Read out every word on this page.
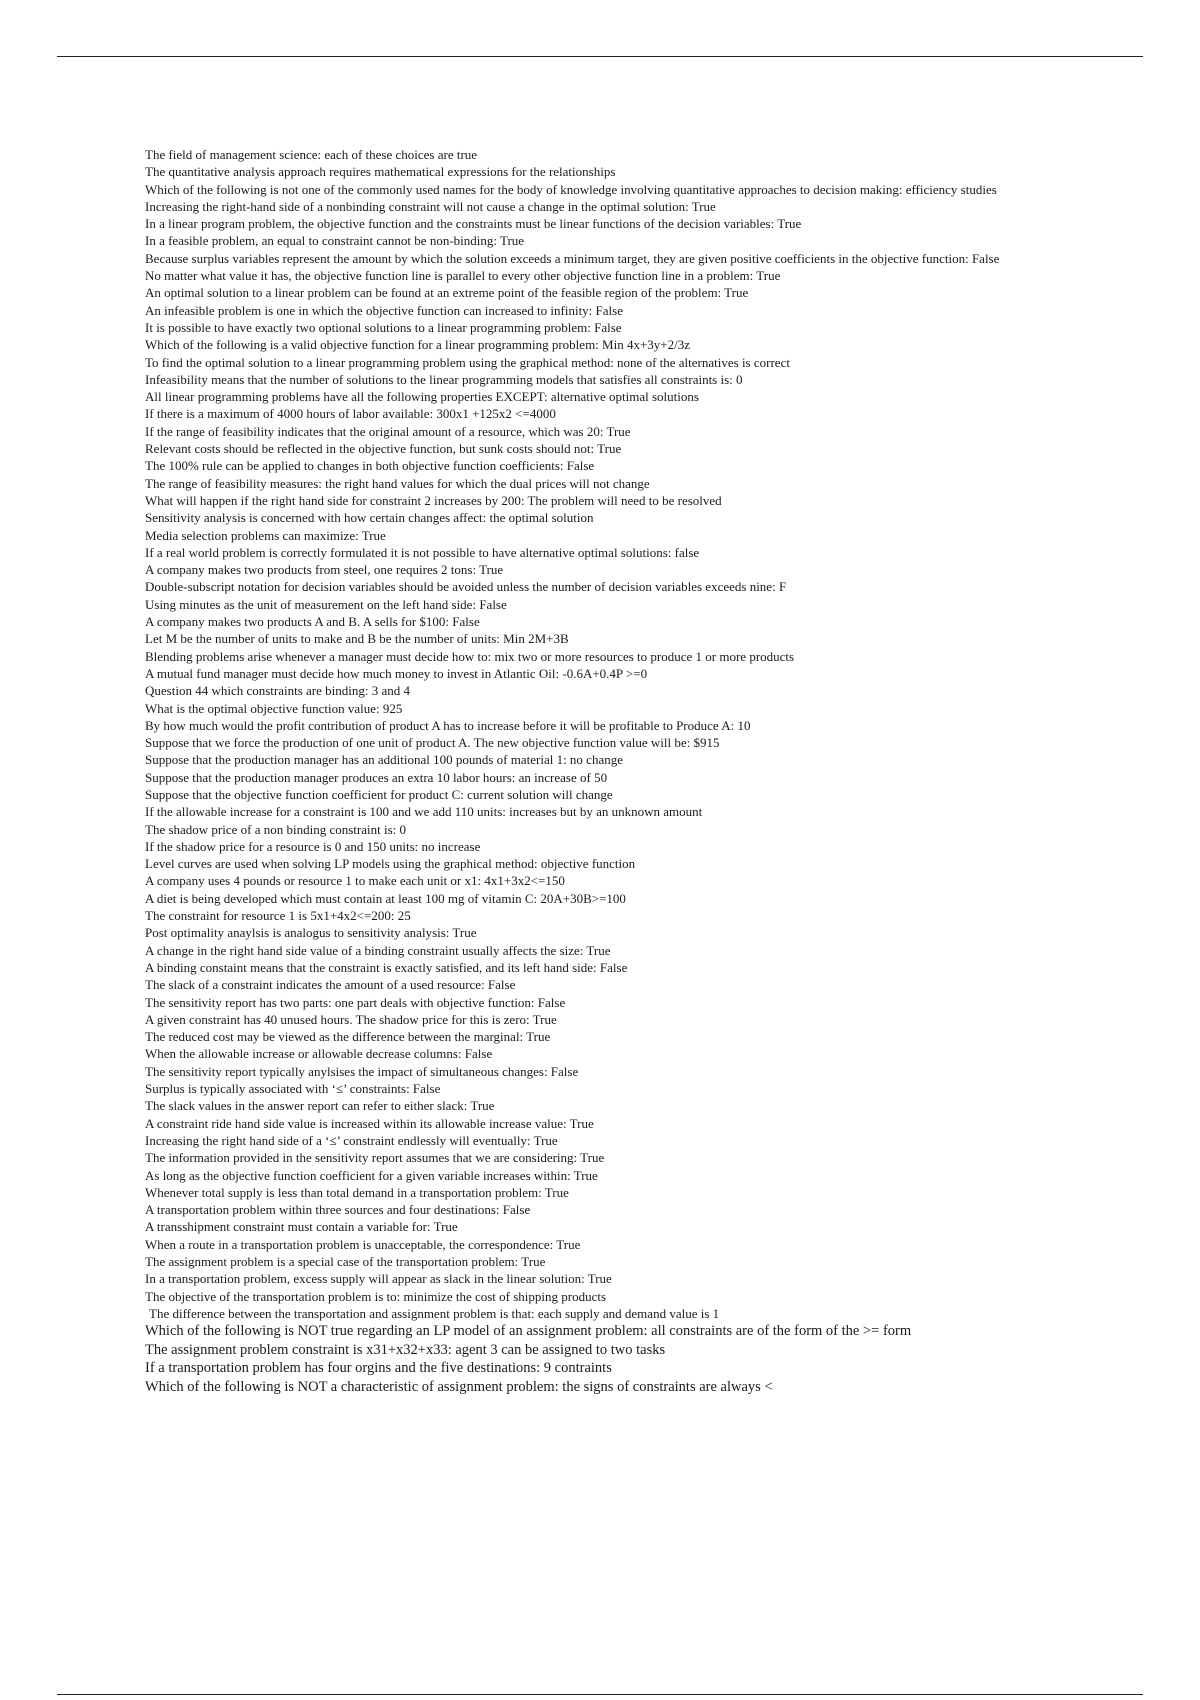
The field of management science: each of these choices are true
The quantitative analysis approach requires mathematical expressions for the relationships
Which of the following is not one of the commonly used names for the body of knowledge involving quantitative approaches to decision making: efficiency studies
Increasing the right-hand side of a nonbinding constraint will not cause a change in the optimal solution: True
In a linear program problem, the objective function and the constraints must be linear functions of the decision variables: True
In a feasible problem, an equal to constraint cannot be non-binding: True
Because surplus variables represent the amount by which the solution exceeds a minimum target, they are given positive coefficients in the objective function: False
No matter what value it has, the objective function line is parallel to every other objective function line in a problem: True
An optimal solution to a linear problem can be found at an extreme point of the feasible region of the problem: True
An infeasible problem is one in which the objective function can increased to infinity: False
It is possible to have exactly two optional solutions to a linear programming problem: False
Which of the following is a valid objective function for a linear programming problem: Min 4x+3y+2/3z
To find the optimal solution to a linear programming problem using the graphical method: none of the alternatives is correct
Infeasibility means that the number of solutions to the linear programming models that satisfies all constraints is: 0
All linear programming problems have all the following properties EXCEPT: alternative optimal solutions
If there is a maximum of 4000 hours of labor available: 300x1 +125x2 <=4000
If the range of feasibility indicates that the original amount of a resource, which was 20: True
Relevant costs should be reflected in the objective function, but sunk costs should not: True
The 100% rule can be applied to changes in both objective function coefficients: False
The range of feasibility measures: the right hand values for which the dual prices will not change
What will happen if the right hand side for constraint 2 increases by 200: The problem will need to be resolved
Sensitivity analysis is concerned with how certain changes affect: the optimal solution
Media selection problems can maximize: True
If a real world problem is correctly formulated it is not possible to have alternative optimal solutions: false
A company makes two products from steel, one requires 2 tons: True
Double-subscript notation for decision variables should be avoided unless the number of decision variables exceeds nine: F
Using minutes as the unit of measurement on the left hand side: False
A company makes two products A and B. A sells for $100: False
Let M be the number of units to make and B be the number of units: Min 2M+3B
Blending problems arise whenever a manager must decide how to: mix two or more resources to produce 1 or more products
A mutual fund manager must decide how much money to invest in Atlantic Oil: -0.6A+0.4P >=0
Question 44 which constraints are binding: 3 and 4
What is the optimal objective function value: 925
By how much would the profit contribution of product A has to increase before it will be profitable to Produce A: 10
Suppose that we force the production of one unit of product A. The new objective function value will be: $915
Suppose that the production manager has an additional 100 pounds of material 1: no change
Suppose that the production manager produces an extra 10 labor hours: an increase of 50
Suppose that the objective function coefficient for product C: current solution will change
If the allowable increase for a constraint is 100 and we add 110 units: increases but by an unknown amount
The shadow price of a non binding constraint is: 0
If the shadow price for a resource is 0 and 150 units: no increase
Level curves are used when solving LP models using the graphical method: objective function
A company uses 4 pounds or resource 1 to make each unit or x1: 4x1+3x2<=150
A diet is being developed which must contain at least 100 mg of vitamin C: 20A+30B>=100
The constraint for resource 1 is 5x1+4x2<=200: 25
Post optimality anaylsis is analogus to sensitivity analysis: True
A change in the right hand side value of a binding constraint usually affects the size: True
A binding constaint means that the constraint is exactly satisfied, and its left hand side: False
The slack of a constraint indicates the amount of a used resource: False
The sensitivity report has two parts: one part deals with objective function: False
A given constraint has 40 unused hours. The shadow price for this is zero: True
The reduced cost may be viewed as the difference between the marginal: True
When the allowable increase or allowable decrease columns: False
The sensitivity report typically anylsises the impact of simultaneous changes: False
Surplus is typically associated with ‘≤’ constraints: False
The slack values in the answer report can refer to either slack: True
A constraint ride hand side value is increased within its allowable increase value: True
Increasing the right hand side of a ‘≤’ constraint endlessly will eventually: True
The information provided in the sensitivity report assumes that we are considering: True
As long as the objective function coefficient for a given variable increases within: True
Whenever total supply is less than total demand in a transportation problem: True
A transportation problem within three sources and four destinations: False
A transshipment constraint must contain a variable for: True
When a route in a transportation problem is unacceptable, the correspondence: True
The assignment problem is a special case of the transportation problem: True
In a transportation problem, excess supply will appear as slack in the linear solution: True
The objective of the transportation problem is to: minimize the cost of shipping products
The difference between the transportation and assignment problem is that: each supply and demand value is 1
Which of the following is NOT true regarding an LP model of an assignment problem: all constraints are of the form of the >= form
The assignment problem constraint is x31+x32+x33: agent 3 can be assigned to two tasks
If a transportation problem has four orgins and the five destinations: 9 contraints
Which of the following is NOT a characteristic of assignment problem: the signs of constraints are always <
